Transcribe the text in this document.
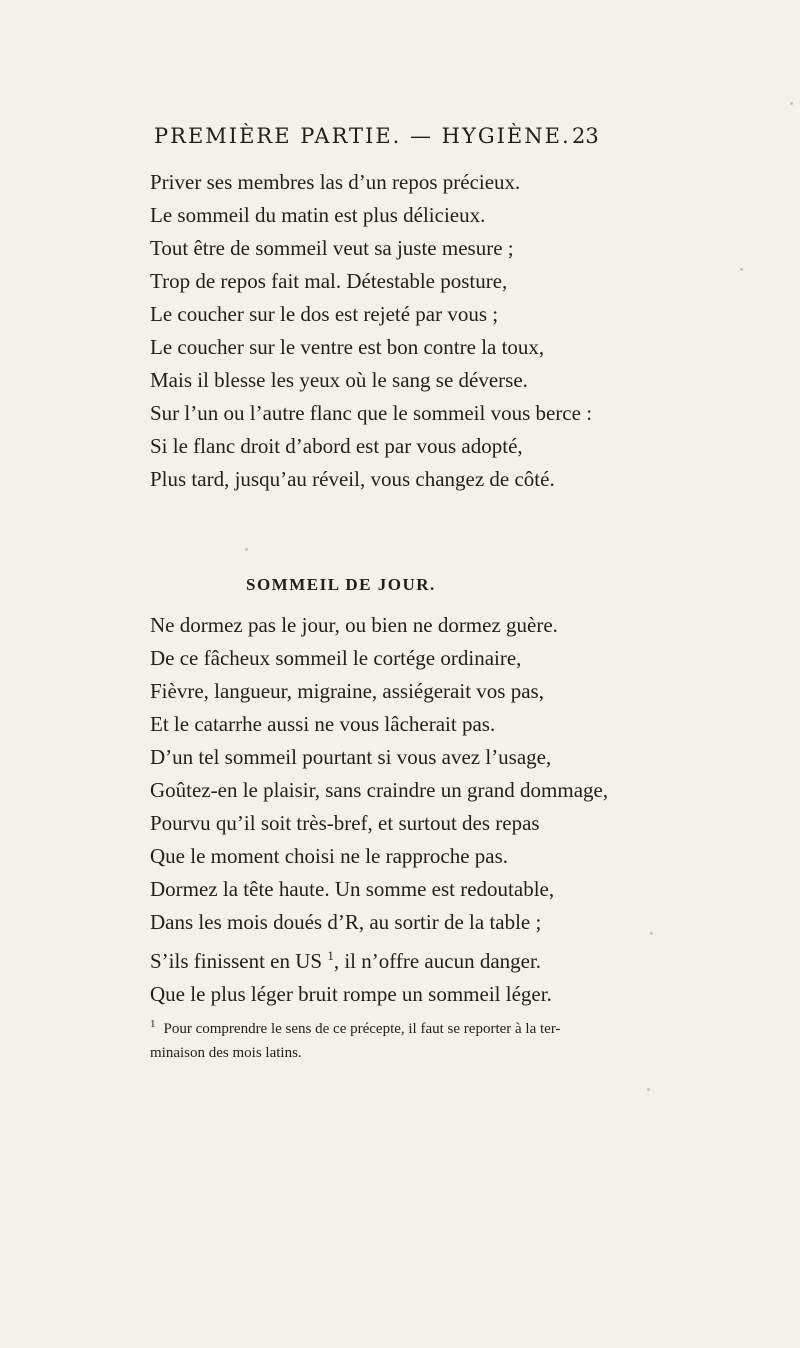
PREMIÈRE PARTIE. — HYGIÈNE. 23
Priver ses membres las d’un repos précieux.
Le sommeil du matin est plus délicieux.
Tout être de sommeil veut sa juste mesure ;
Trop de repos fait mal. Détestable posture,
Le coucher sur le dos est rejeté par vous ;
Le coucher sur le ventre est bon contre la toux,
Mais il blesse les yeux où le sang se déverse.
Sur l’un ou l’autre flanc que le sommeil vous berce :
Si le flanc droit d’abord est par vous adopté,
Plus tard, jusqu’au réveil, vous changez de côté.
SOMMEIL DE JOUR.
Ne dormez pas le jour, ou bien ne dormez guère.
De ce fâcheux sommeil le cortége ordinaire,
Fièvre, langueur, migraine, assiégerait vos pas,
Et le catarrhe aussi ne vous lâcherait pas.
D’un tel sommeil pourtant si vous avez l’usage,
Goûtez-en le plaisir, sans craindre un grand dommage,
Pourvu qu’il soit très-bref, et surtout des repas
Que le moment choisi ne le rapproche pas.
Dormez la tête haute. Un somme est redoutable,
Dans les mois doués d’R, au sortir de la table ;
S’ils finissent en US $^1$, il n’offre aucun danger.
Que le plus léger bruit rompe un sommeil léger.
$^1$ Pour comprendre le sens de ce précepte, il faut se reporter à la ter-
minaison des mois latins.
